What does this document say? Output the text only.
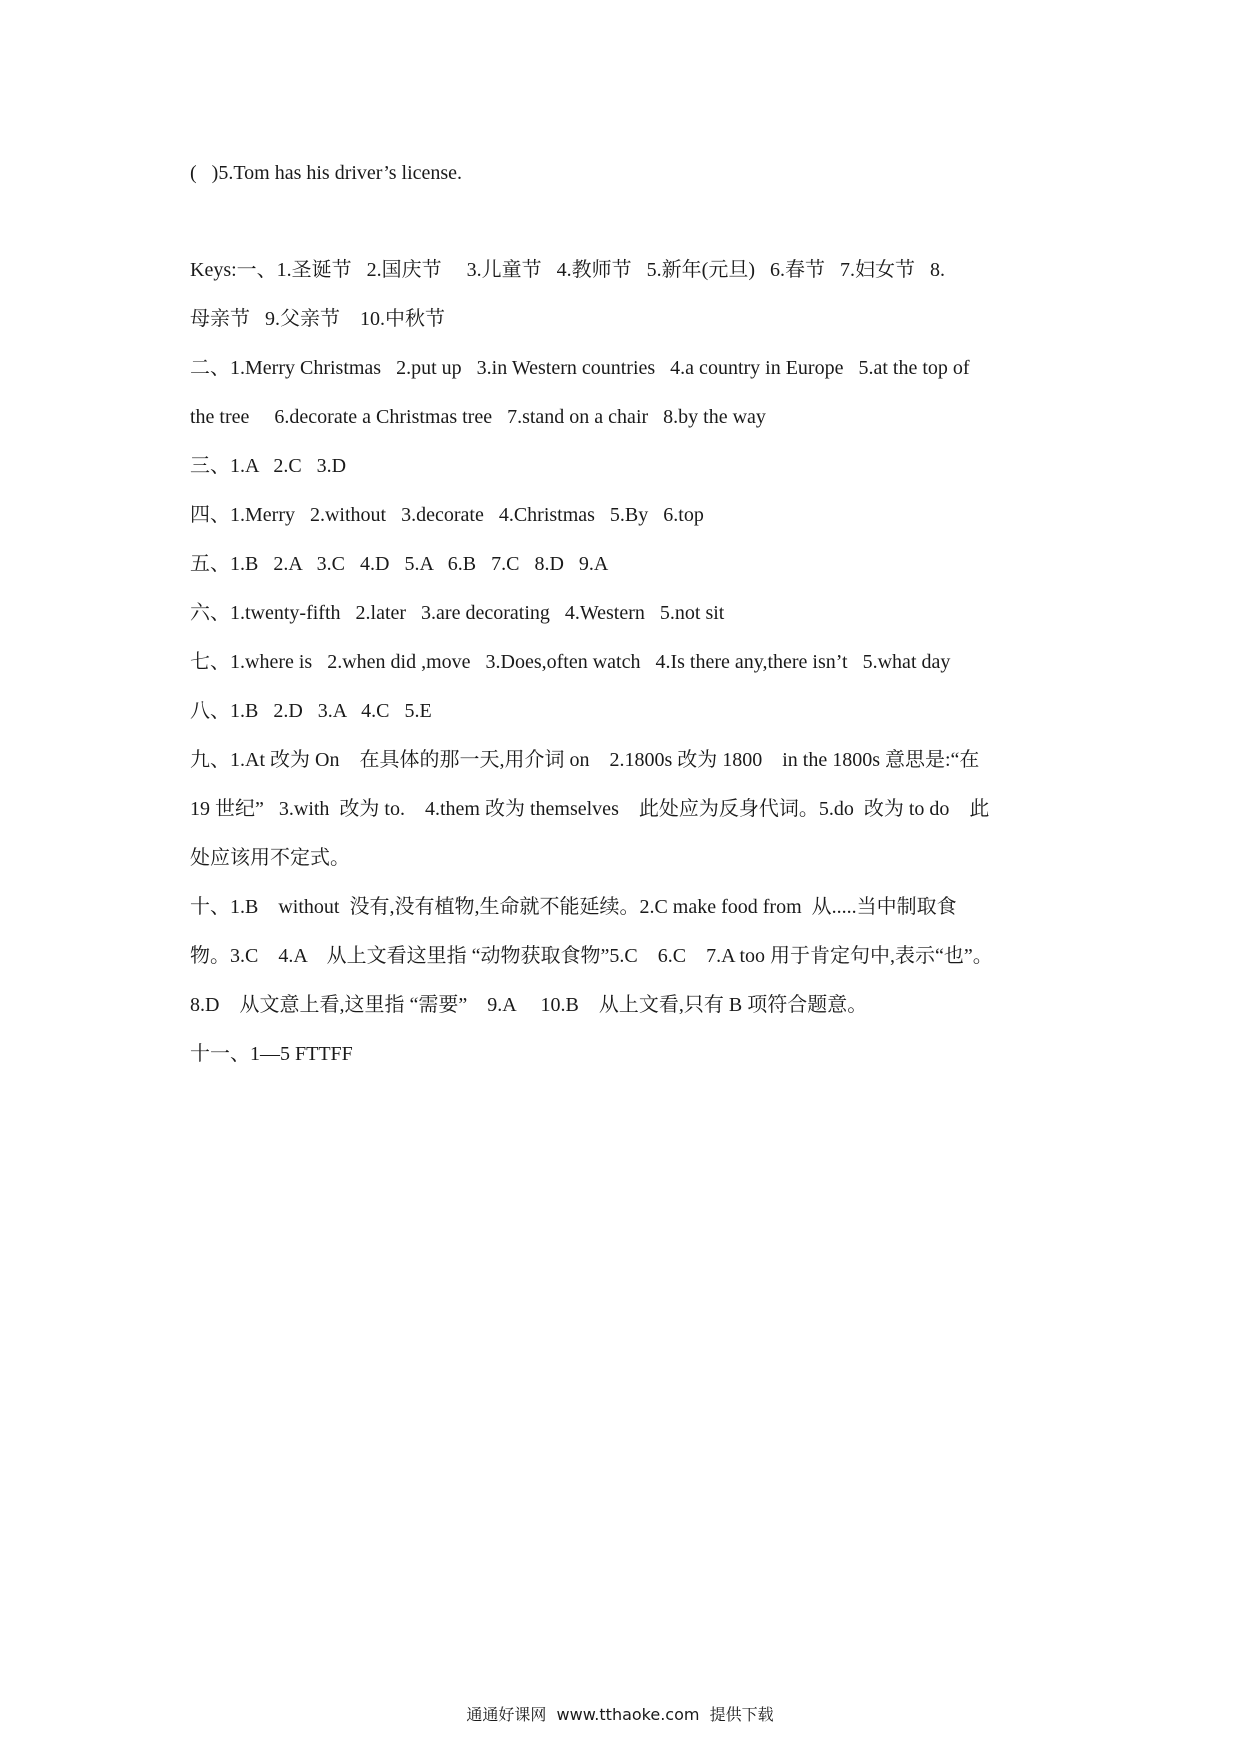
(   )5.Tom has his driver’s license.
Keys:一、1.圣诞节   2.国庆节     3.儿童节   4.教师节   5.新年(元旦)   6.春节   7.妇女节   8.
母亲节   9.父亲节    10.中秋节
二、1.Merry Christmas   2.put up   3.in Western countries   4.a country in Europe   5.at the top of
the tree     6.decorate a Christmas tree   7.stand on a chair   8.by the way
三、1.A   2.C   3.D
四、1.Merry   2.without   3.decorate   4.Christmas   5.By   6.top
五、1.B   2.A   3.C   4.D   5.A   6.B   7.C   8.D   9.A
六、1.twenty-fifth   2.later   3.are decorating   4.Western   5.not sit
七、1.where is   2.when did ,move   3.Does,often watch   4.Is there any,there isn’t   5.what day
八、1.B   2.D   3.A   4.C   5.E
九、1.At 改为 On    在具体的那一天,用介词 on    2.1800s 改为 1800    in the 1800s 意思是:“在
19 世纪”   3.with  改为 to.    4.them 改为 themselves    此处应为反身代词。5.do  改为 to do    此
处应该用不定式。
十、1.B    without  没有,没有植物,生命就不能延续。2.C make food from  从.....当中制取食
物。3.C    4.A    从上文看这里指 “动物获取食物”5.C    6.C    7.A too 用于肯定句中,表示“也”。
8.D    从文意上看,这里指 “需要”    9.A     10.B    从上文看,只有 B 项符合题意。
十一、1—5 FTTFF
通通好课网  www.tthaoke.com  提供下载
